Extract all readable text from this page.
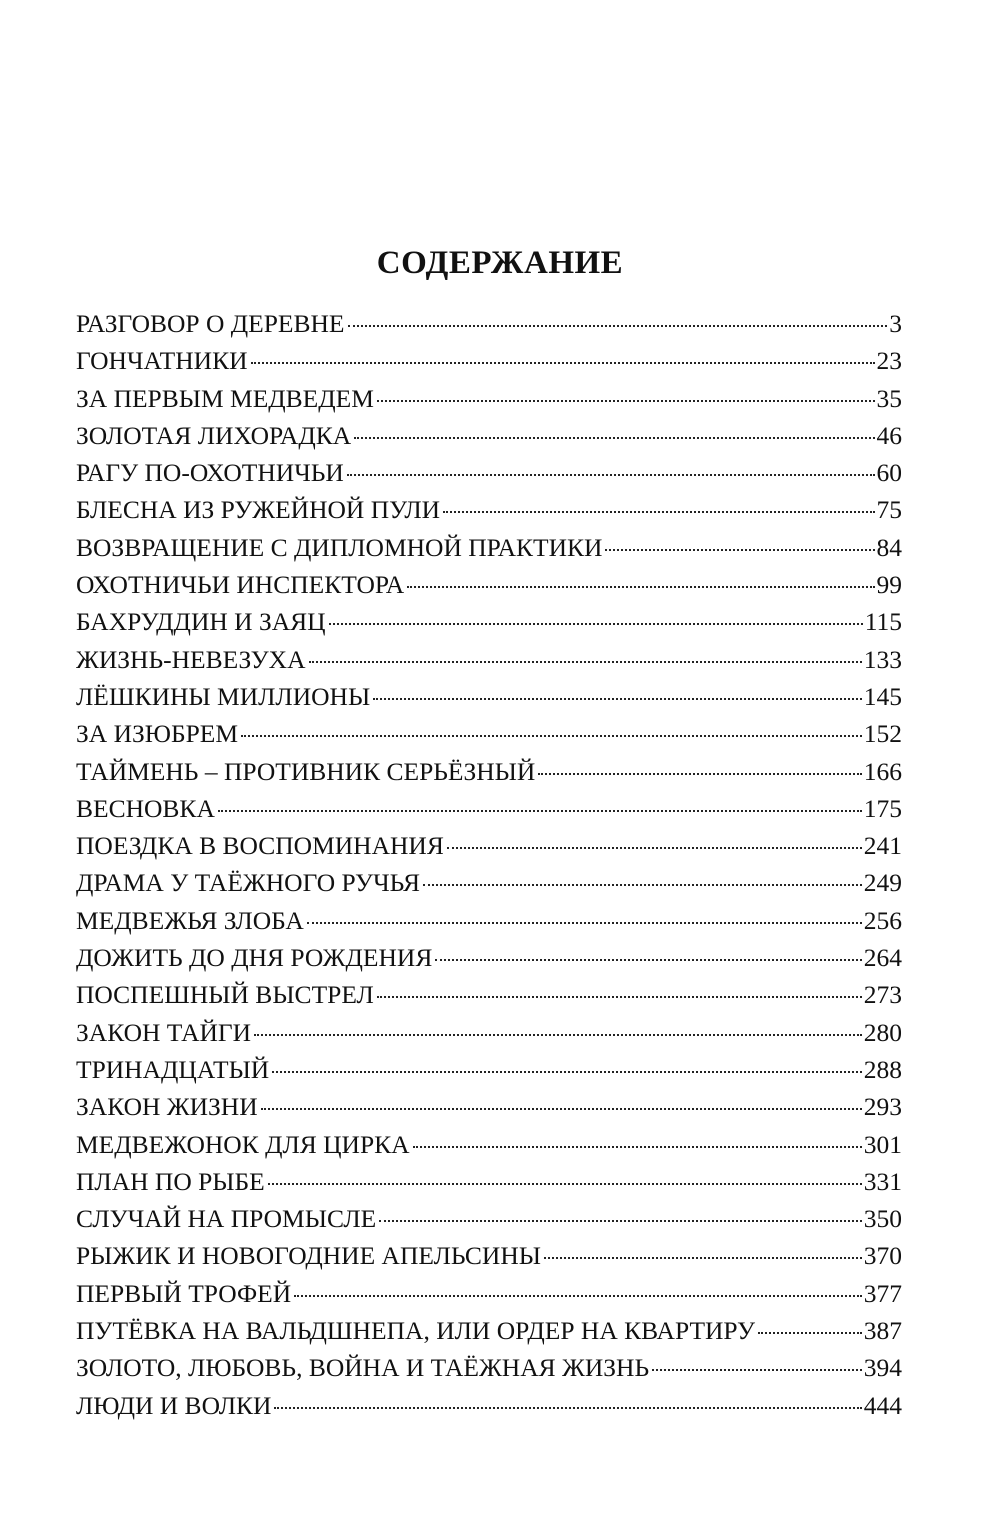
СОДЕРЖАНИЕ
РАЗГОВОР О ДЕРЕВНЕ	3
ГОНЧАТНИКИ	23
ЗА ПЕРВЫМ МЕДВЕДЕМ	35
ЗОЛОТАЯ ЛИХОРАДКА	46
РАГУ ПО-ОХОТНИЧЬИ	60
БЛЕСНА ИЗ РУЖЕЙНОЙ ПУЛИ	75
ВОЗВРАЩЕНИЕ С ДИПЛОМНОЙ ПРАКТИКИ	84
ОХОТНИЧЬИ ИНСПЕКТОРА	99
БАХРУДДИН И ЗАЯЦ	115
ЖИЗНЬ-НЕВЕЗУХА	133
ЛЁШКИНЫ МИЛЛИОНЫ	145
ЗА ИЗЮБРЕМ	152
ТАЙМЕНЬ – ПРОТИВНИК СЕРЬЁЗНЫЙ	166
ВЕСНОВКА	175
ПОЕЗДКА В ВОСПОМИНАНИЯ	241
ДРАМА У ТАЁЖНОГО РУЧЬЯ	249
МЕДВЕЖЬЯ ЗЛОБА	256
ДОЖИТЬ ДО ДНЯ РОЖДЕНИЯ	264
ПОСПЕШНЫЙ ВЫСТРЕЛ	273
ЗАКОН ТАЙГИ	280
ТРИНАДЦАТЫЙ	288
ЗАКОН ЖИЗНИ	293
МЕДВЕЖОНОК ДЛЯ ЦИРКА	301
ПЛАН ПО РЫБЕ	331
СЛУЧАЙ НА ПРОМЫСЛЕ	350
РЫЖИК И НОВОГОДНИЕ АПЕЛЬСИНЫ	370
ПЕРВЫЙ ТРОФЕЙ	377
ПУТЁВКА НА ВАЛЬДШНЕПА, ИЛИ ОРДЕР НА КВАРТИРУ	387
ЗОЛОТО, ЛЮБОВЬ, ВОЙНА И ТАЁЖНАЯ ЖИЗНЬ	394
ЛЮДИ И ВОЛКИ	444
